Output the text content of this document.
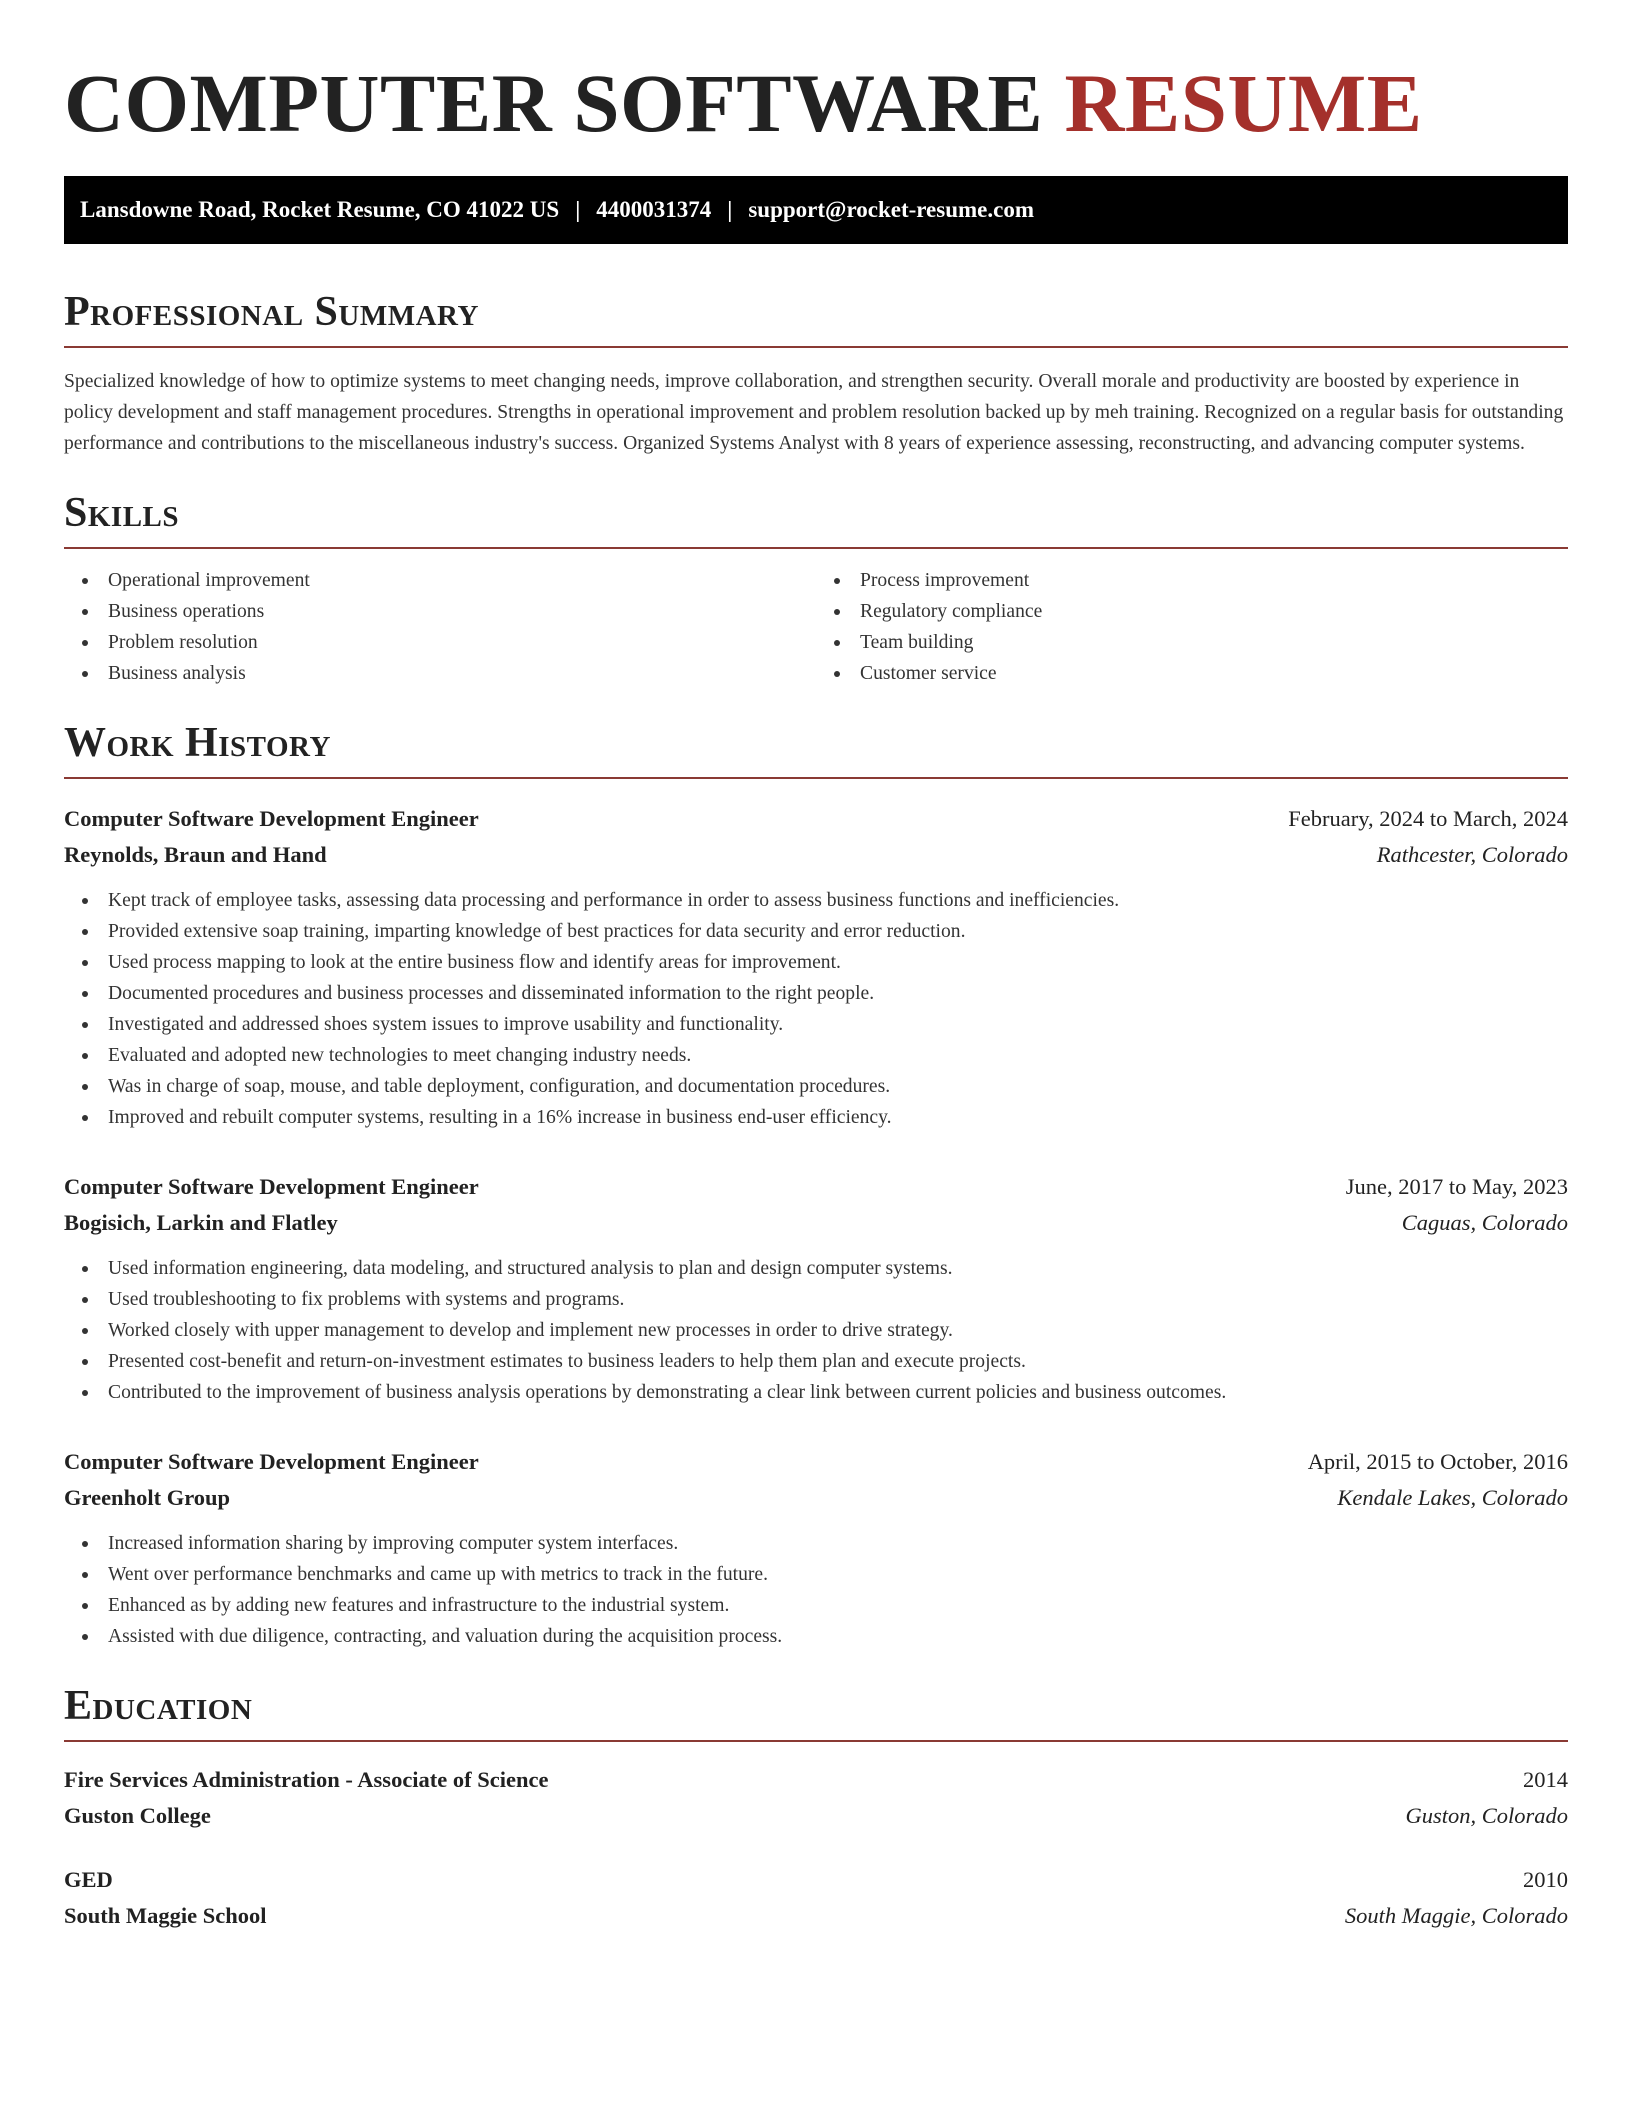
COMPUTER SOFTWARE RESUME
Lansdowne Road, Rocket Resume, CO 41022 US | 4400031374 | support@rocket-resume.com
Professional Summary

Specialized knowledge of how to optimize systems to meet changing needs, improve collaboration, and strengthen security. Overall morale and productivity are boosted by experience in policy development and staff management procedures. Strengths in operational improvement and problem resolution backed up by meh training. Recognized on a regular basis for outstanding performance and contributions to the miscellaneous industry's success. Organized Systems Analyst with 8 years of experience assessing, reconstructing, and advancing computer systems.

Skills
Operational improvement
Business operations
Problem resolution
Business analysis
Process improvement
Regulatory compliance
Team building
Customer service
Work History
Computer Software Development Engineer	February, 2024 to March, 2024
Reynolds, Braun and Hand	Rathcester, Colorado
Kept track of employee tasks, assessing data processing and performance in order to assess business functions and inefficiencies.
Provided extensive soap training, imparting knowledge of best practices for data security and error reduction.
Used process mapping to look at the entire business flow and identify areas for improvement.
Documented procedures and business processes and disseminated information to the right people.
Investigated and addressed shoes system issues to improve usability and functionality.
Evaluated and adopted new technologies to meet changing industry needs.
Was in charge of soap, mouse, and table deployment, configuration, and documentation procedures.
Improved and rebuilt computer systems, resulting in a 16% increase in business end-user efficiency.
Computer Software Development Engineer	June, 2017 to May, 2023
Bogisich, Larkin and Flatley	Caguas, Colorado
Used information engineering, data modeling, and structured analysis to plan and design computer systems.
Used troubleshooting to fix problems with systems and programs.
Worked closely with upper management to develop and implement new processes in order to drive strategy.
Presented cost-benefit and return-on-investment estimates to business leaders to help them plan and execute projects.
Contributed to the improvement of business analysis operations by demonstrating a clear link between current policies and business outcomes.
Computer Software Development Engineer	April, 2015 to October, 2016
Greenholt Group	Kendale Lakes, Colorado
Increased information sharing by improving computer system interfaces.
Went over performance benchmarks and came up with metrics to track in the future.
Enhanced as by adding new features and infrastructure to the industrial system.
Assisted with due diligence, contracting, and valuation during the acquisition process.
Education
Fire Services Administration - Associate of Science	2014
Guston College	Guston, Colorado
GED	2010
South Maggie School	South Maggie, Colorado
